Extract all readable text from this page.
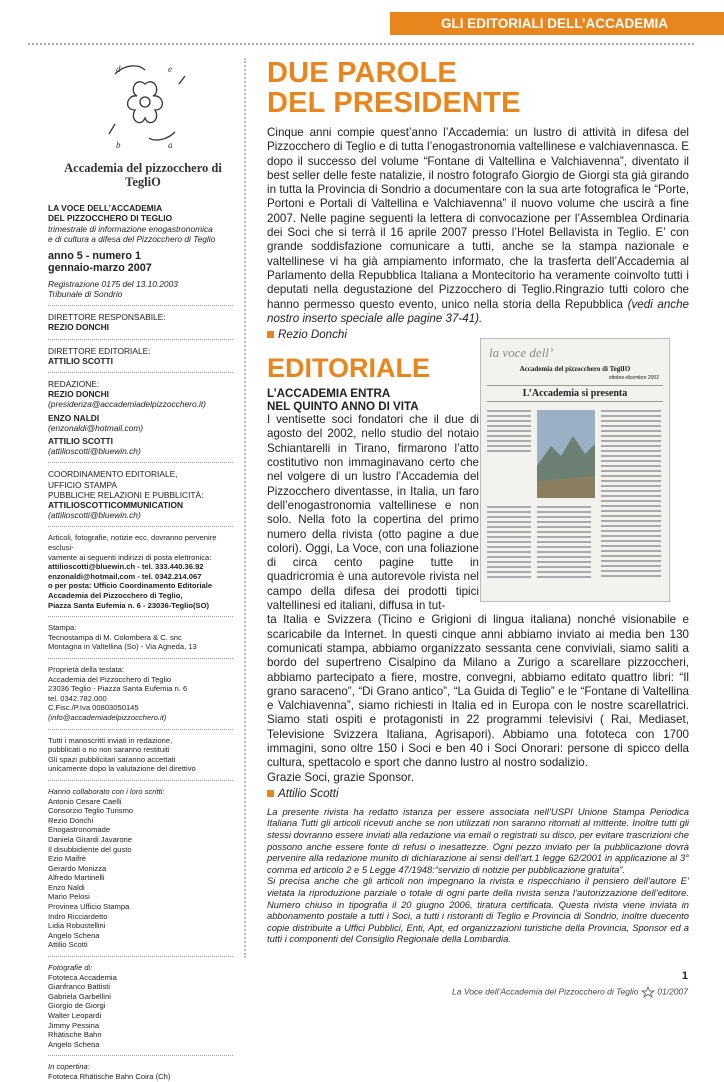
GLI EDITORIALI DELL’ACCADEMIA
d	e
b	a
Accademia del pizzocchero di TegliO

LA VOCE DELL’ACCADEMIA

DEL PIZZOCCHERO DI TEGLIO

trimestrale di informazione enogastronomica

e di cultura a difesa del Pizzocchero di Teglio

anno 5 - numero 1

gennaio-marzo 2007

Registrazione 0175 del 13.10.2003

Tribunale di Sondrio

DIRETTORE RESPONSABILE:

REZIO DONCHI

DIRETTORE EDITORIALE:

ATTILIO SCOTTI

REDAZIONE:

REZIO DONCHI

(presidenza@accademiadelpizzocchero.it)

ENZO NALDI

(enzonaldi@hotmail.com)

ATTILIO SCOTTI

(attilioscotti@bluewin.ch)

COORDINAMENTO EDITORIALE,

UFFICIO STAMPA

PUBBLICHE RELAZIONI E PUBBLICITÀ:

ATTILIOSCOTTICOMMUNICATION

(attilioscotti@bluewin.ch)

Articoli, fotografie, notizie ecc. dovranno pervenire esclusi-
vamente ai seguenti indirizzi di posta elettronica:
attilioscotti@bluewin.ch - tel. 333.440.36.92
enzonaldi@hotmail.com - tel. 0342.214.067
o per posta: Ufficio Coordinamento Editoriale
Accademia del Pizzocchero di Teglio,
Piazza Santa Eufemia n. 6 - 23036-Teglio(SO)
Stampa:
Tecnostampa di M. Colombera & C. snc
Montagna in Valtellina (So) - Via Agneda, 13
Proprietà della testata:
Accademia del Pizzocchero di Teglio
23036 Teglio - Piazza Santa Eufemia n. 6
tel. 0342.782.000
C.Fisc./P.Iva 00803050145
(info@accademiadelpizzocchero.it)
Tutti i manoscritti inviati in redazione,
pubblicati o no non saranno restituiti
Gli spazi pubblicitari saranno accettati
unicamente dopo la valutazione del direttivo
Hanno collaborato con i loro scritti:
Antonio Cesare Caelli
Consorzio Teglio Turismo
Rezio Donchi
Enogastronomade
Daniela Girardi Javarone
Il disubbidiente del gusto
Ezio Maifrè
Gerardo Monizza
Alfredo Martinelli
Enzo Naldi
Mario Pelosi
Provinea Ufficio Stampa
Indro Ricciardetto
Lidia Robustellini
Angelo Schena
Attilio Scotti
Fotografie di:
Fototeca Accademia
Gianfranco Battisti
Gabriela Garbellini
Giorgio de Giorgi
Walter Leopardi
Jimmy Pessina
Rhätische Bahn
Angelo Schena
In copertina:
Fototeca Rhätische Bahn Coira (Ch)
DUE PAROLE
DEL PRESIDENTE
Cinque anni compie quest’anno l’Accademia: un lustro di attività in difesa del Pizzocchero di Teglio e di tutta l’enogastronomia valtellinese e valchiavennasca. E dopo il successo del volume “Fontane di Valtellina e Valchiavenna”, diventato il best seller delle feste natalizie, il nostro fotografo Giorgio de Giorgi sta già girando in tutta la Provincia di Sondrio a documentare con la sua arte fotografica le “Porte, Portoni e Portali di Valtellina e Valchiavenna” il nuovo volume che uscirà a fine 2007. Nelle pagine seguenti la lettera di convocazione per l’Assemblea Ordinaria dei Soci che si terrà il 16 aprile 2007 presso l’Hotel Bellavista in Teglio. E’ con grande soddisfazione comunicare a tutti, anche se la stampa nazionale e valtellinese vi ha già ampiamento informato, che la trasferta dell’Accademia al Parlamento della Repubblica Italiana a Montecitorio ha veramente coinvolto tutti i deputati nella degustazione del Pizzocchero di Teglio.Ringrazio tutti coloro che hanno permesso questo evento, unico nella storia della Repubblica (vedi anche nostro inserto speciale alle pagine 37-41).
Rezio Donchi
EDITORIALE
L’ACCADEMIA ENTRA
NEL QUINTO ANNO DI VITA
I ventisette soci fondatori che il due di agosto del 2002, nello studio del notaio Schiantarelli in Tirano, firmarono l’atto costitutivo non immaginavano certo che nel volgere di un lustro l’Accademia del Pizzocchero diventasse, in Italia, un faro dell’enogastronomia valtellinese e non solo. Nella foto la copertina del primo numero della rivista (otto pagine a due colori). Oggi, La Voce, con una foliazione di circa cento pagine tutte in quadricromia è una autorevole rivista nel campo della difesa dei prodotti tipici valtellinesi ed italiani, diffusa in tut-
ta Italia e Svizzera (Ticino e Grigioni di lingua italiana) nonché visionabile e scaricabile da Internet. In questi cinque anni abbiamo inviato ai media ben 130 comunicati stampa, abbiamo organizzato sessanta cene conviviali, siamo saliti a bordo del supertreno Cisalpino da Milano a Zurigo a scarellare pizzoccheri, abbiamo partecipato a fiere, mostre, convegni, abbiamo editato quattro libri: “Il grano saraceno”, “Di Grano antico”, “La Guida di Teglio” e le “Fontane di Valtellina e Valchiavenna”, siamo richiesti in Italia ed in Europa con le nostre scarellatrici. Siamo stati ospiti e protagonisti in 22 programmi televisivi ( Rai, Mediaset, Televisione Svizzera Italiana, Agrisapori). Abbiamo una fototeca con 1700 immagini, sono oltre 150 i Soci e ben 40 i Soci Onorari: persone di spicco della cultura, spettacolo e sport che danno lustro al nostro sodalizio.
Grazie Soci, grazie Sponsor.
Attilio Scotti
La presente rivista ha redatto istanza per essere associata nell’USPI Unione Stampa Periodica Italiana Tutti gli articoli ricevuti anche se non utilizzati non saranno ritornati al mittente. Inoltre tutti gli stessi dovranno essere inviati alla redazione via email o registrati su disco, per evitare trascrizioni che possono anche essere fonte di refusi o inesattezze. Ogni pezzo inviato per la pubblicazione dovrà pervenire alla redazione munito di dichiarazione ai sensi dell’art.1 legge 62/2001 in applicazione al 3° comma ed articolo 2 e 5 Legge 47/1948:“servizio di notizie per pubblicazione gratuita”.
Si precisa anche che gli articoli non impegnano la rivista e rispecchiano il pensiero dell’autore E’ vietata la riproduzione parziale o totale di ogni parte della rivista senza l’autorizzazione dell’editore. Numero chiuso in tipografia il 20 giugno 2006, tiratura certificata. Questa rivista viene inviata in abbonamento postale a tutti i Soci, a tutti i ristoranti di Teglio e Provincia di Sondrio, inoltre duecento copie distribuite a Uffici Pubblici, Enti, Apt, ed organizzazioni turistiche della Provincia, Sponsor ed a tutti i componenti del Consiglio Regionale della Lombardia.
la voce dell’
Accademia del pizzocchero di TeglIO
ottobre-dicembre 2002
L’Accademia si presenta
1
La Voce dell’Accademia del Pizzocchero di Teglio 01/2007
